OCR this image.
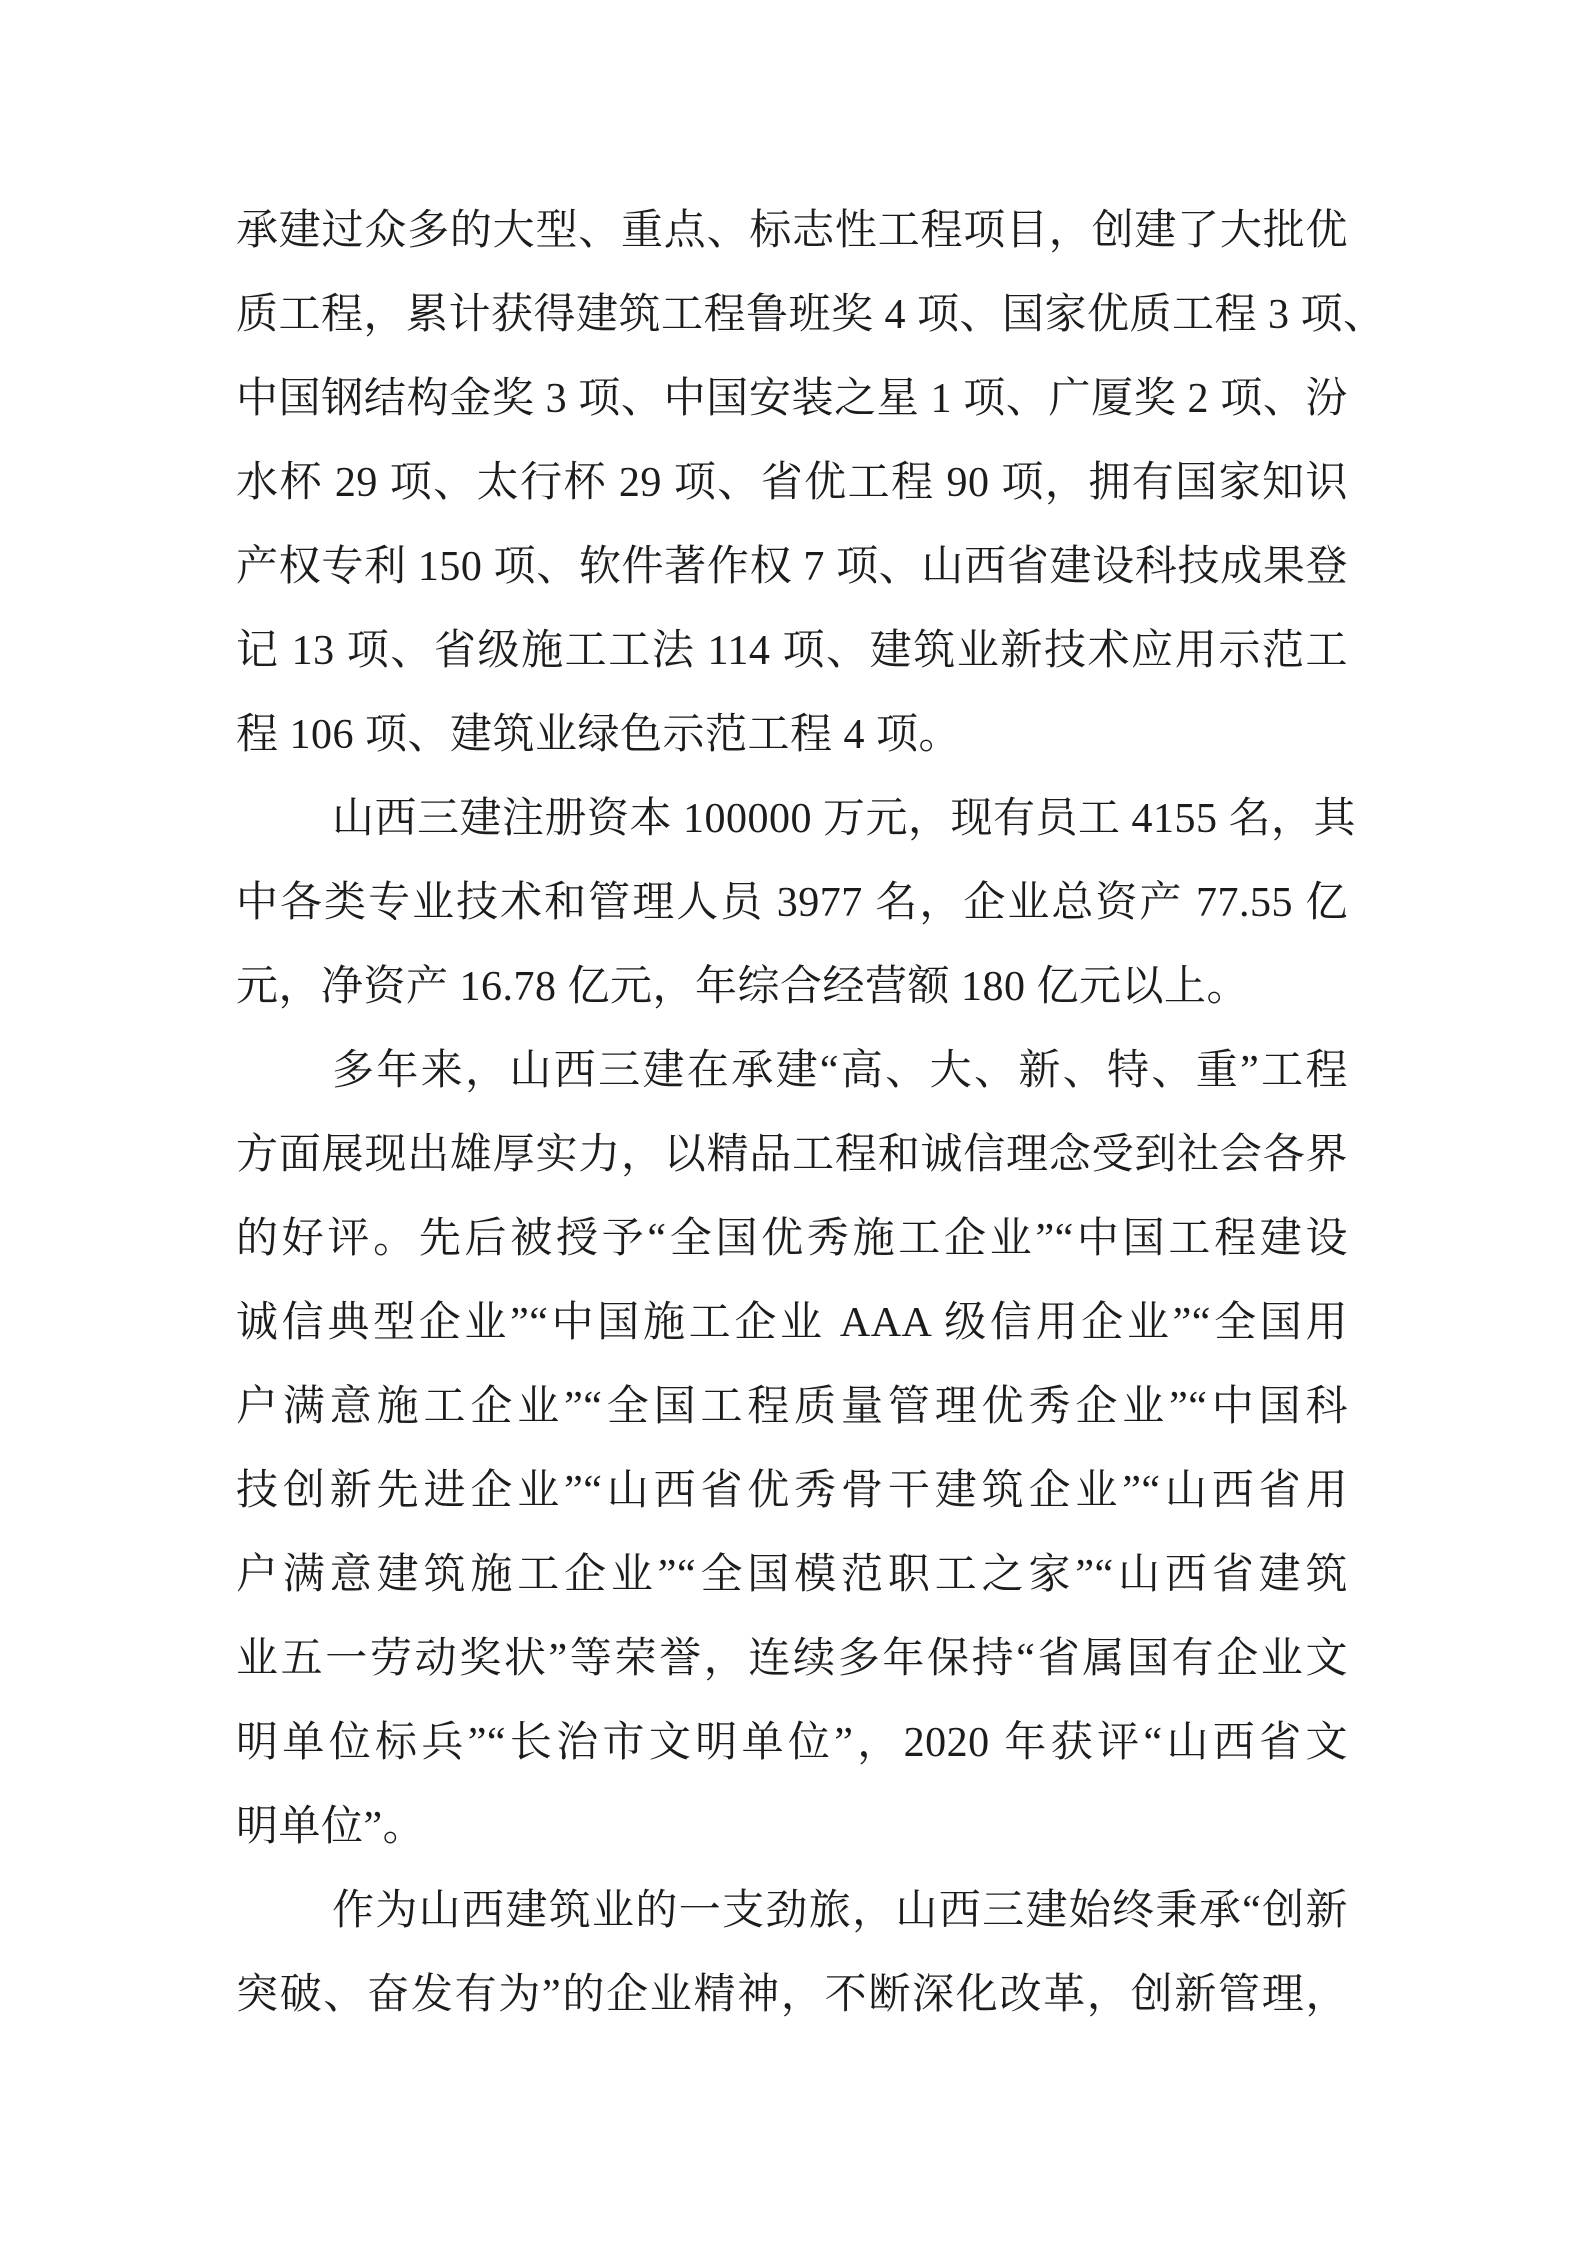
承建过众多的大型、重点、标志性工程项目，创建了大批优
质工程，累计获得建筑工程鲁班奖 4 项、国家优质工程 3 项、
中国钢结构金奖 3 项、中国安装之星 1 项、广厦奖 2 项、汾
水杯 29 项、太行杯 29 项、省优工程 90 项，拥有国家知识
产权专利 150 项、软件著作权 7 项、山西省建设科技成果登
记 13 项、省级施工工法 114 项、建筑业新技术应用示范工
程 106 项、建筑业绿色示范工程 4 项。
山西三建注册资本 100000 万元，现有员工 4155 名，其
中各类专业技术和管理人员 3977 名，企业总资产 77.55 亿
元，净资产 16.78 亿元，年综合经营额 180 亿元以上。
多年来，山西三建在承建“高、大、新、特、重”工程
方面展现出雄厚实力，以精品工程和诚信理念受到社会各界
的好评。先后被授予“全国优秀施工企业”“中国工程建设
诚信典型企业”“中国施工企业 AAA 级信用企业”“全国用
户满意施工企业”“全国工程质量管理优秀企业”“中国科
技创新先进企业”“山西省优秀骨干建筑企业”“山西省用
户满意建筑施工企业”“全国模范职工之家”“山西省建筑
业五一劳动奖状”等荣誉，连续多年保持“省属国有企业文
明单位标兵”“长治市文明单位”，2020 年获评“山西省文
明单位”。
作为山西建筑业的一支劲旅，山西三建始终秉承“创新
突破、奋发有为”的企业精神，不断深化改革，创新管理，
